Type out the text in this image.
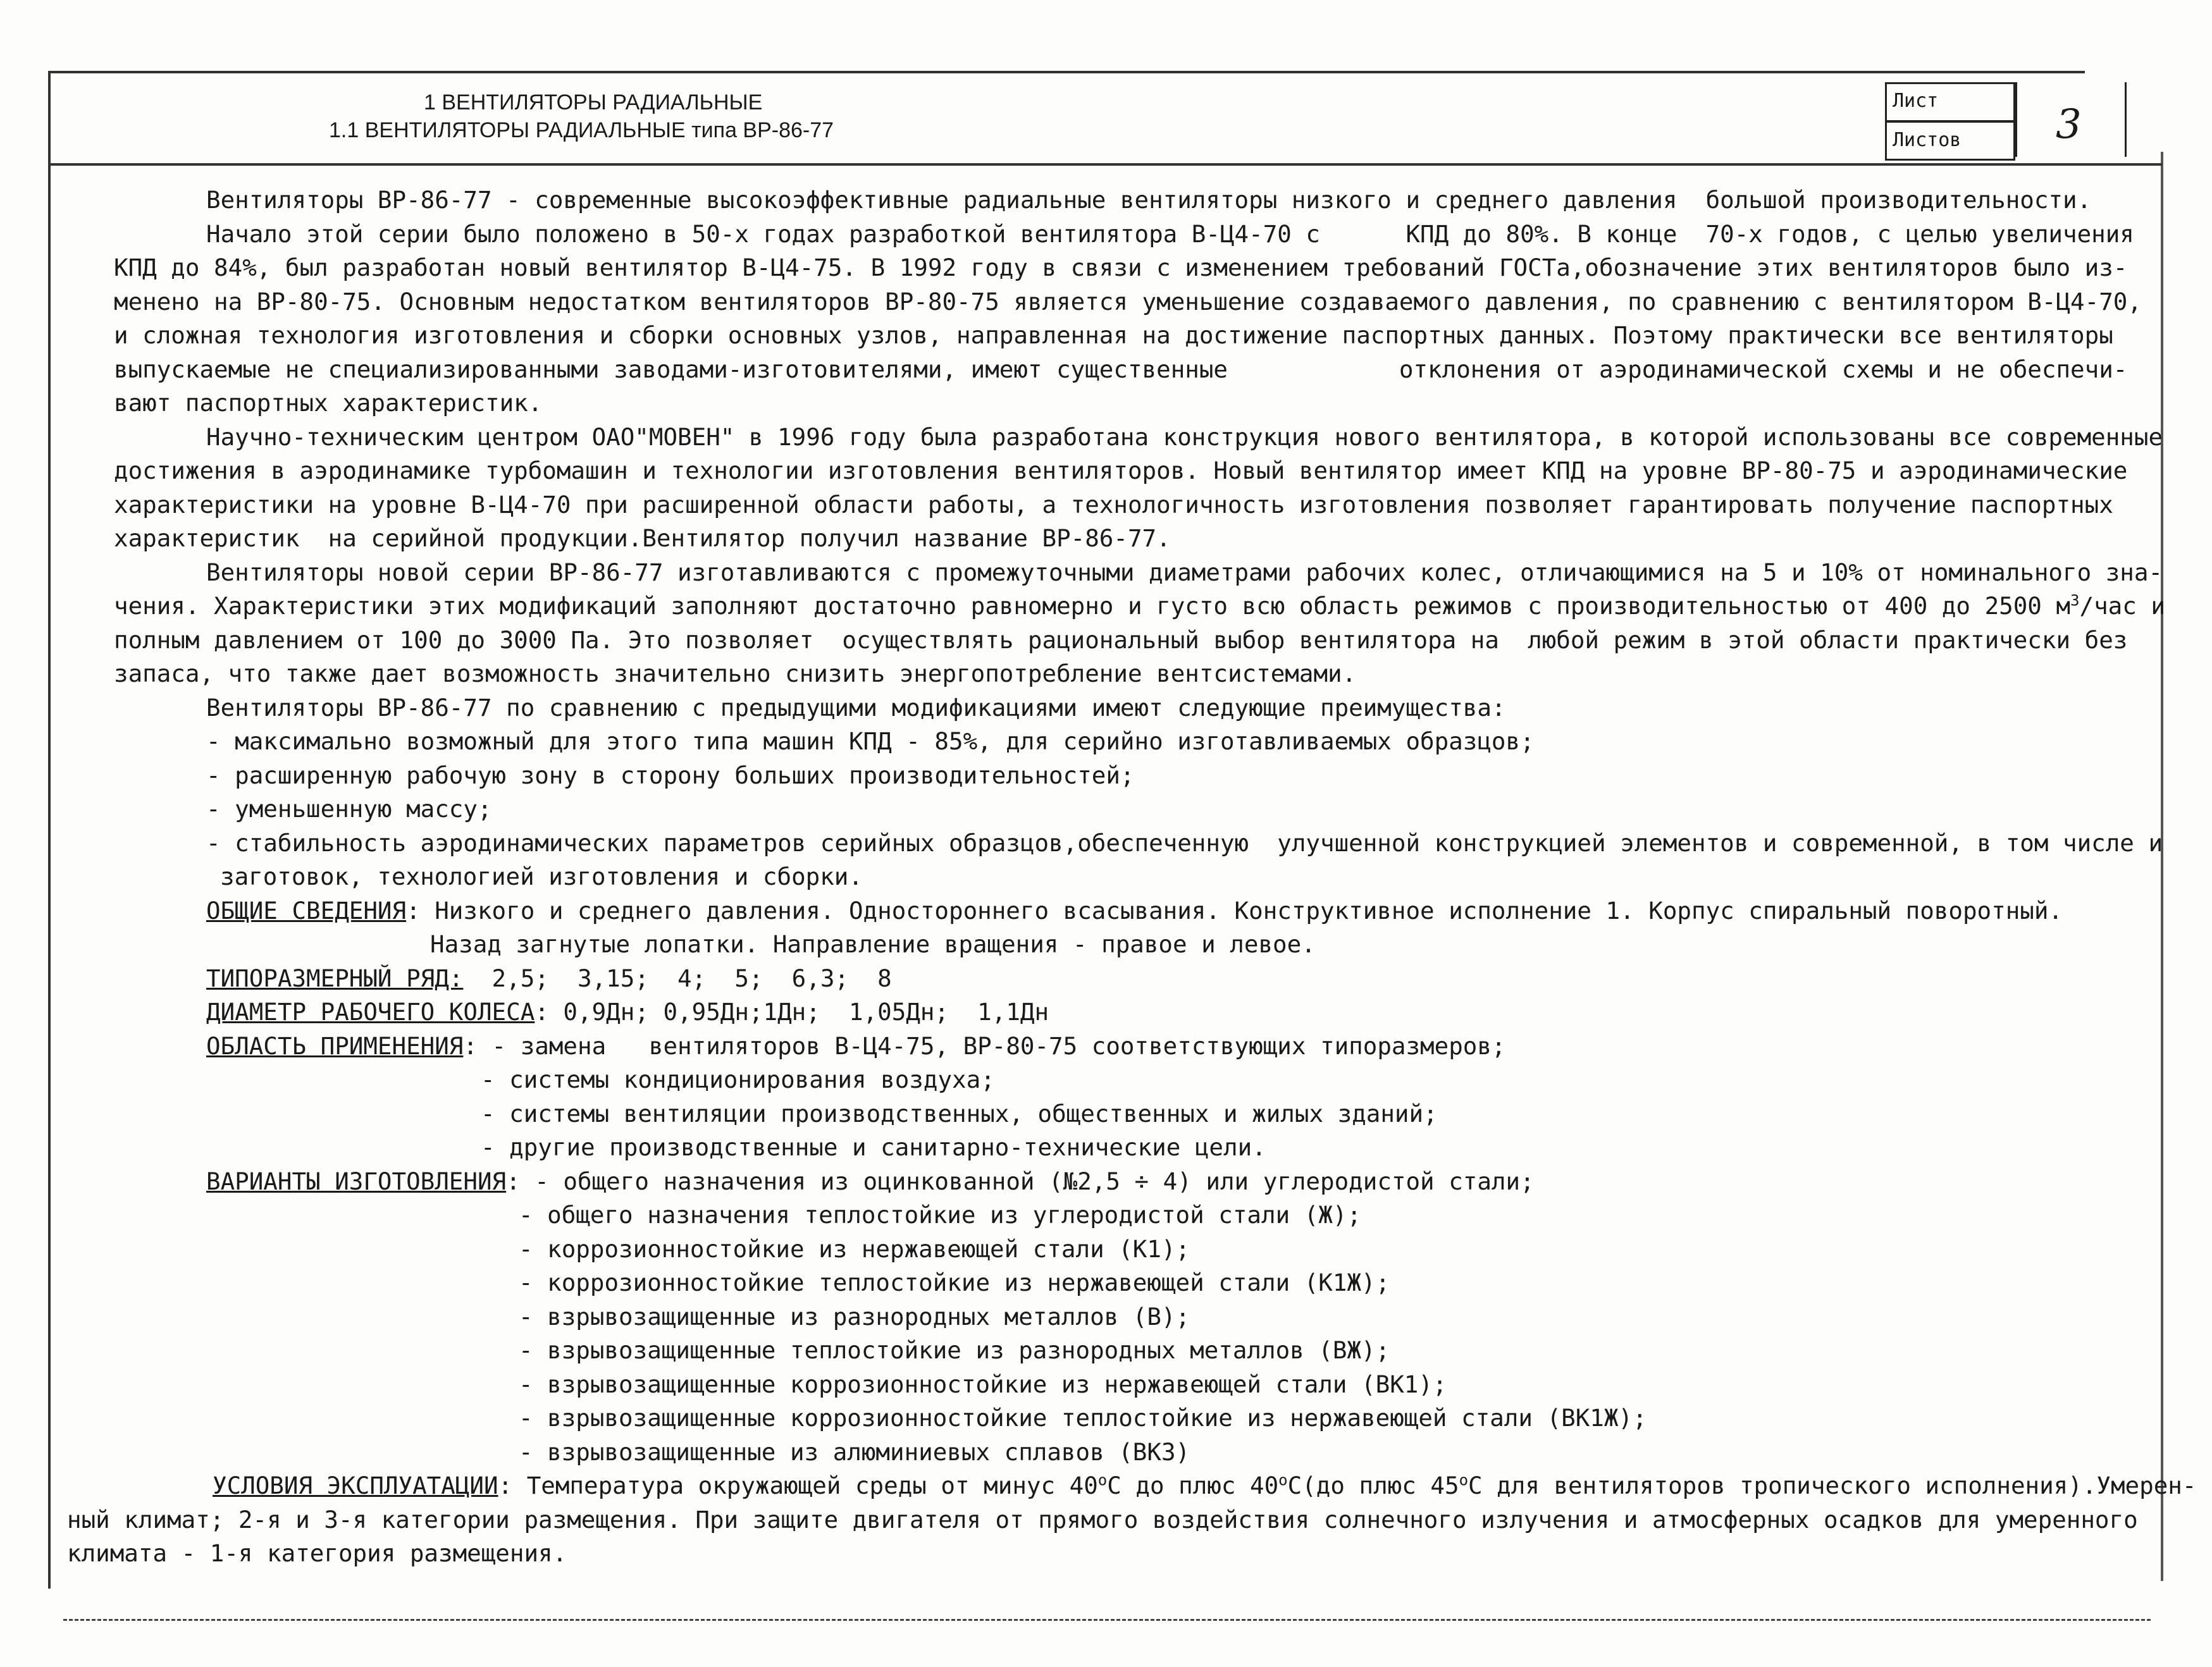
1 ВЕНТИЛЯТОРЫ РАДИАЛЬНЫЕ
1.1 ВЕНТИЛЯТОРЫ РАДИАЛЬНЫЕ типа ВР-86-77
Лист
Листов 3
Вентиляторы ВР-86-77 - современные высокоэффективные радиальные вентиляторы низкого и среднего давления  большой производительности.
Начало этой серии было положено в 50-х годах разработкой вентилятора В-Ц4-70 с      КПД до 80%. В конце  70-х годов, с целью увеличения
КПД до 84%, был разработан новый вентилятор В-Ц4-75. В 1992 году в связи с изменением требований ГОСТа,обозначение этих вентиляторов было из-
менено на ВР-80-75. Основным недостатком вентиляторов ВР-80-75 является уменьшение создаваемого давления, по сравнению с вентилятором В-Ц4-70,
и сложная технология изготовления и сборки основных узлов, направленная на достижение паспортных данных. Поэтому практически все вентиляторы
выпускаемые не специализированными заводами-изготовителями, имеют существенные            отклонения от аэродинамической схемы и не обеспечи-
вают паспортных характеристик.
Научно-техническим центром ОАО"МОВЕН" в 1996 году была разработана конструкция нового вентилятора, в которой использованы все современные
достижения в аэродинамике турбомашин и технологии изготовления вентиляторов. Новый вентилятор имеет КПД на уровне ВР-80-75 и аэродинамические
характеристики на уровне В-Ц4-70 при расширенной области работы, а технологичность изготовления позволяет гарантировать получение паспортных
характеристик  на серийной продукции.Вентилятор получил название ВР-86-77.
Вентиляторы новой серии ВР-86-77 изготавливаются с промежуточными диаметрами рабочих колес, отличающимися на 5 и 10% от номинального зна-
чения. Характеристики этих модификаций заполняют достаточно равномерно и густо всю область режимов с производительностью от 400 до 2500 $м^3$/час и
полным давлением от 100 до 3000 Па. Это позволяет  осуществлять рациональный выбор вентилятора на  любой режим в этой области практически без
запаса, что также дает возможность значительно снизить энергопотребление вентсистемами.
Вентиляторы ВР-86-77 по сравнению с предыдущими модификациями имеют следующие преимущества:
- максимально возможный для этого типа машин КПД - 85%, для серийно изготавливаемых образцов;
- расширенную рабочую зону в сторону больших производительностей;
- уменьшенную массу;
- стабильность аэродинамических параметров серийных образцов,обеспеченную  улучшенной конструкцией элементов и современной, в том числе и
заготовок, технологией изготовления и сборки.
ОБЩИЕ СВЕДЕНИЯ: Низкого и среднего давления. Одностороннего всасывания. Конструктивное исполнение 1. Корпус спиральный поворотный.
Назад загнутые лопатки. Направление вращения - правое и левое.
ТИПОРАЗМЕРНЫЙ РЯД:  2,5;  3,15;  4;  5;  6,3;  8
ДИАМЕТР РАБОЧЕГО КОЛЕСА: 0,9Дн; 0,95Дн;1Дн;  1,05Дн;  1,1Дн
ОБЛАСТЬ ПРИМЕНЕНИЯ: - замена   вентиляторов В-Ц4-75, ВР-80-75 соответствующих типоразмеров;
- системы кондиционирования воздуха;
- системы вентиляции производственных, общественных и жилых зданий;
- другие производственные и санитарно-технические цели.
ВАРИАНТЫ ИЗГОТОВЛЕНИЯ: - общего назначения из оцинкованной (№2,5 ÷ 4) или углеродистой стали;
- общего назначения теплостойкие из углеродистой стали (Ж);
- коррозионностойкие из нержавеющей стали (К1);
- коррозионностойкие теплостойкие из нержавеющей стали (К1Ж);
- взрывозащищенные из разнородных металлов (В);
- взрывозащищенные теплостойкие из разнородных металлов (ВЖ);
- взрывозащищенные коррозионностойкие из нержавеющей стали (ВК1);
- взрывозащищенные коррозионностойкие теплостойкие из нержавеющей стали (ВК1Ж);
- взрывозащищенные из алюминиевых сплавов (ВК3)
УСЛОВИЯ ЭКСПЛУАТАЦИИ: Температура окружающей среды от минус $40^оС$ до плюс $40^оС(до$ плюс $45^оС$ для вентиляторов тропического исполнения).Умерен-
ный климат; 2-я и 3-я категории размещения. При защите двигателя от прямого воздействия солнечного излучения и атмосферных осадков для умеренного
климата - 1-я категория размещения.
